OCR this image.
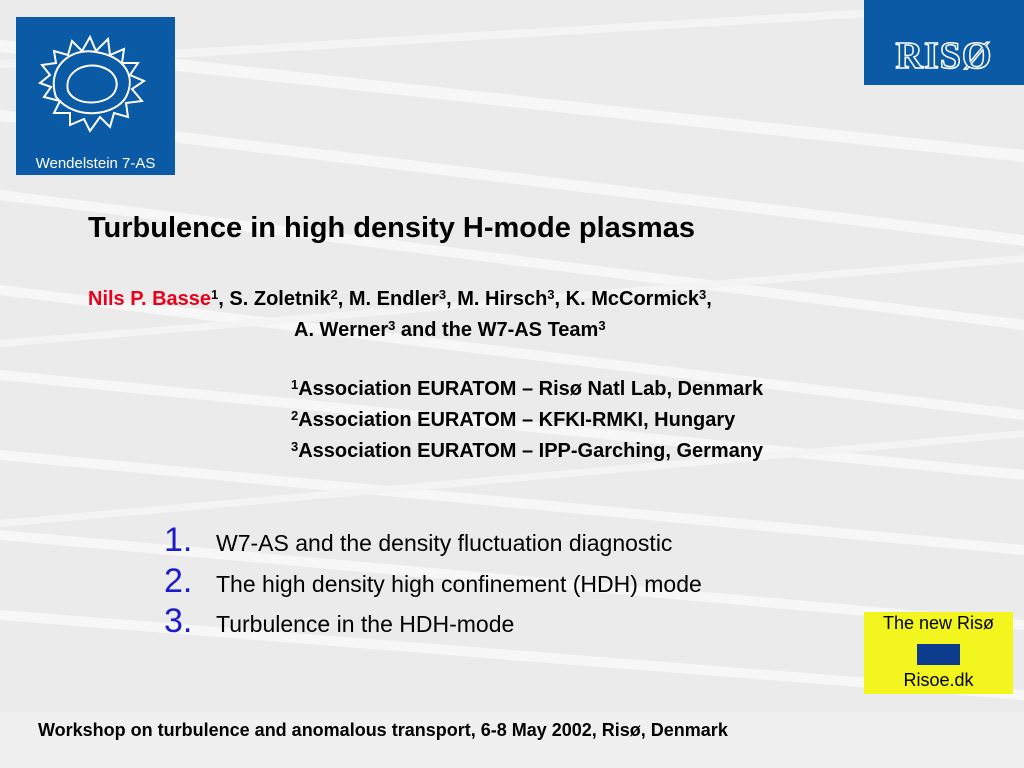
Wendelstein 7-AS
RISØ
Turbulence in high density H-mode plasmas
Nils P. Basse$^1$, S. Zoletnik$^2$, M. Endler$^3$, M. Hirsch$^3$, K. McCormick$^3$,
A. Werner$^3$ and the W7-AS Team$^3$
$^1$Association EURATOM – Risø Natl Lab, Denmark
$^2$Association EURATOM – KFKI-RMKI, Hungary
$^3$Association EURATOM – IPP-Garching, Germany
1.	W7-AS and the density fluctuation diagnostic
2.	The high density high confinement (HDH) mode
3.	Turbulence in the HDH-mode	The new Risø
Risoe.dk
Workshop on turbulence and anomalous transport, 6-8 May 2002, Risø, Denmark
